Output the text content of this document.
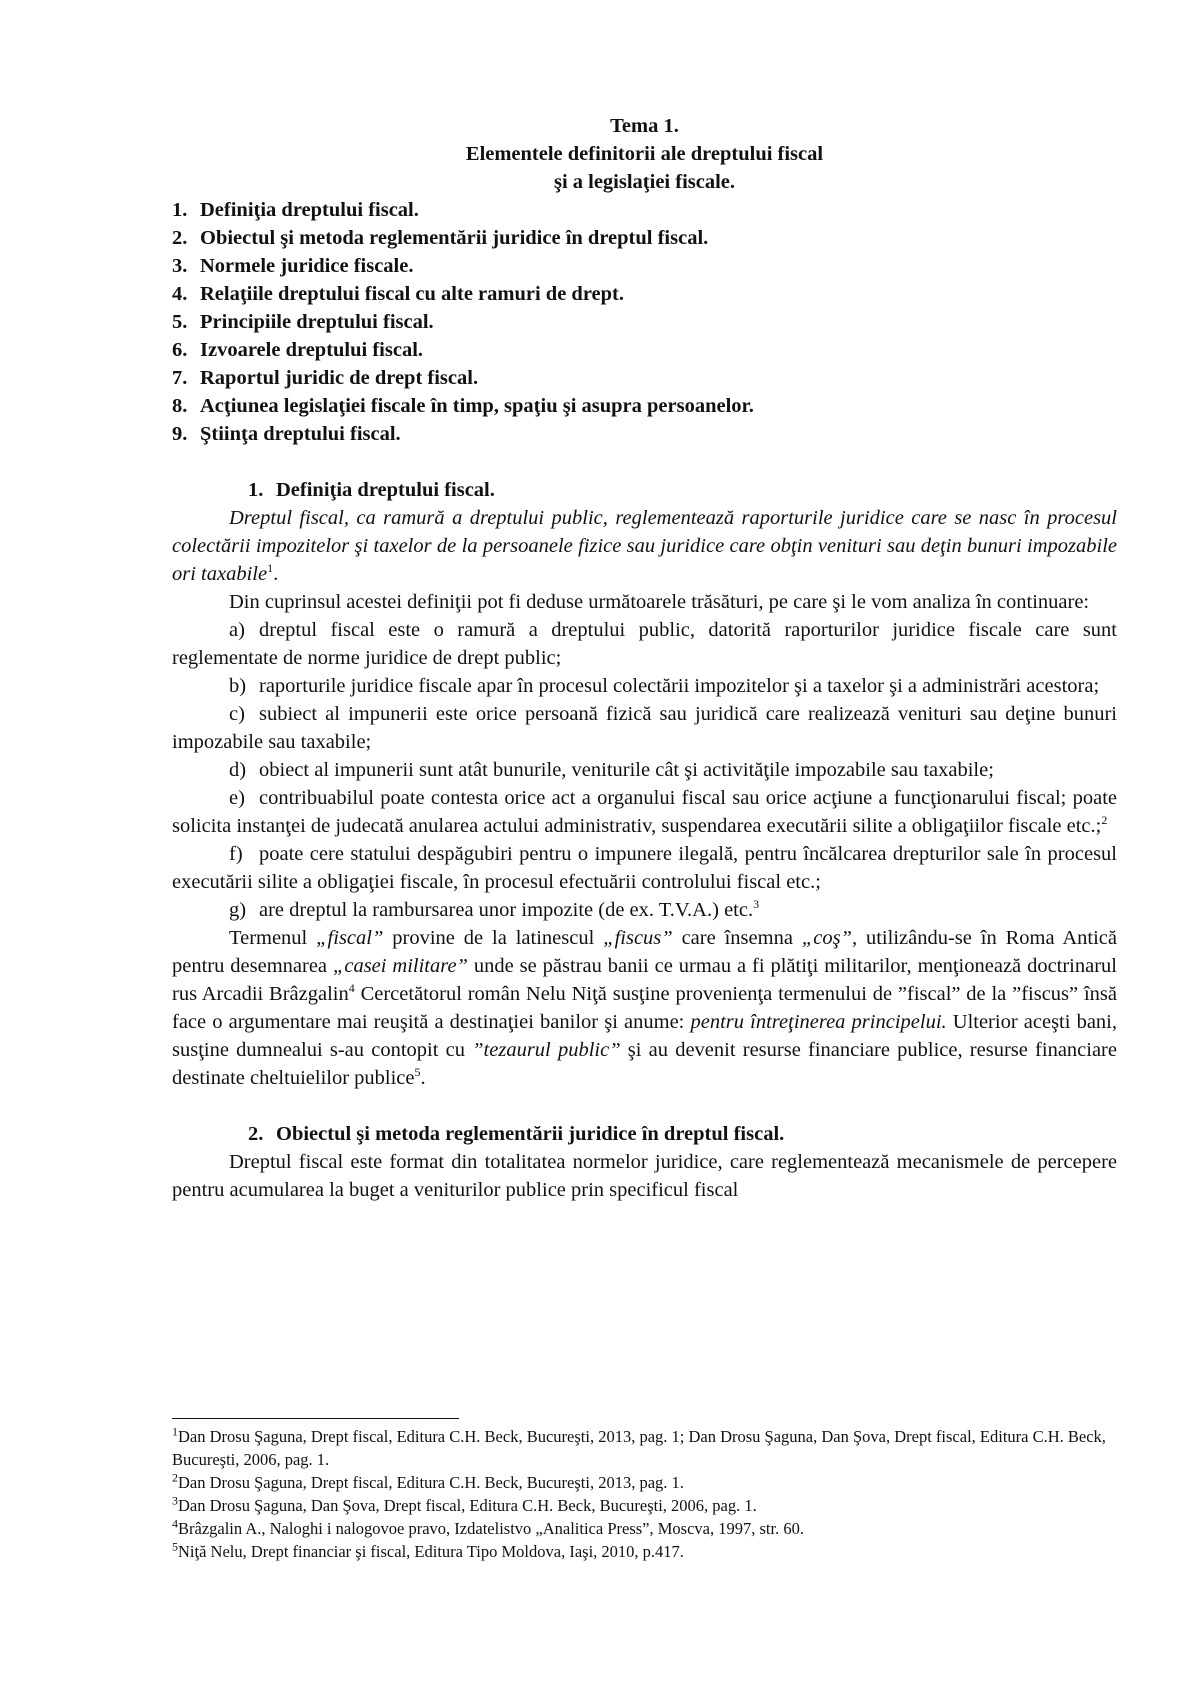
Tema 1.
Elementele definitorii ale dreptului fiscal
şi a legislaţiei fiscale.
1. Definiţia dreptului fiscal.
2. Obiectul şi metoda reglementării juridice în dreptul fiscal.
3. Normele juridice fiscale.
4. Relaţiile dreptului fiscal cu alte ramuri de drept.
5. Principiile dreptului fiscal.
6. Izvoarele dreptului fiscal.
7. Raportul juridic de drept fiscal.
8. Acţiunea legislaţiei fiscale în timp, spaţiu şi asupra persoanelor.
9. Ştiinţa dreptului fiscal.
1. Definiţia dreptului fiscal.

Dreptul fiscal, ca ramură a dreptului public, reglementează raporturile juridice care se nasc în procesul colectării impozitelor şi taxelor de la persoanele fizice sau juridice care obţin venituri sau deţin bunuri impozabile ori taxabile$^1$.

Din cuprinsul acestei definiţii pot fi deduse următoarele trăsături, pe care şi le vom analiza în continuare:

a) dreptul fiscal este o ramură a dreptului public, datorită raporturilor juridice fiscale care sunt reglementate de norme juridice de drept public;

b) raporturile juridice fiscale apar în procesul colectării impozitelor şi a taxelor şi a administrări acestora;

c) subiect al impunerii este orice persoană fizică sau juridică care realizează venituri sau deţine bunuri impozabile sau taxabile;

d) obiect al impunerii sunt atât bunurile, veniturile cât şi activităţile impozabile sau taxabile;

e) contribuabilul poate contesta orice act a organului fiscal sau orice acţiune a funcţionarului fiscal; poate solicita instanţei de judecată anularea actului administrativ, suspendarea executării silite a obligaţiilor fiscale etc.;$^2$

f) poate cere statului despăgubiri pentru o impunere ilegală, pentru încălcarea drepturilor sale în procesul executării silite a obligaţiei fiscale, în procesul efectuării controlului fiscal etc.;

g) are dreptul la rambursarea unor impozite (de ex. T.V.A.) etc.$^3$

Termenul „fiscal” provine de la latinescul „fiscus” care însemna „coş”, utilizându-se în Roma Antică pentru desemnarea „casei militare” unde se păstrau banii ce urmau a fi plătiţi militarilor, menţionează doctrinarul rus Arcadii Brâzgalin$^4$ Cercetătorul român Nelu Niţă susţine provenienţa termenului de ”fiscal” de la ”fiscus” însă face o argumentare mai reuşită a destinaţiei banilor şi anume: pentru întreţinerea principelui. Ulterior aceşti bani, susţine dumnealui s-au contopit cu ”tezaurul public” şi au devenit resurse financiare publice, resurse financiare destinate cheltuielilor publice$^5$.

2. Obiectul şi metoda reglementării juridice în dreptul fiscal.

Dreptul fiscal este format din totalitatea normelor juridice, care reglementează mecanismele de percepere pentru acumularea la buget a veniturilor publice prin specificul fiscal

$^1$Dan Drosu Şaguna, Drept fiscal, Editura C.H. Beck, Bucureşti, 2013, pag. 1; Dan Drosu Şaguna, Dan Şova, Drept fiscal, Editura C.H. Beck, Bucureşti, 2006, pag. 1.

$^2$Dan Drosu Şaguna, Drept fiscal, Editura C.H. Beck, Bucureşti, 2013, pag. 1.

$^3$Dan Drosu Şaguna, Dan Şova, Drept fiscal, Editura C.H. Beck, Bucureşti, 2006, pag. 1.

$^4$Brâzgalin A., Naloghi i nalogovoe pravo, Izdatelistvo „Analitica Press”, Moscva, 1997, str. 60.

$^5$Niţă Nelu, Drept financiar şi fiscal, Editura Tipo Moldova, Iaşi, 2010, p.417.
